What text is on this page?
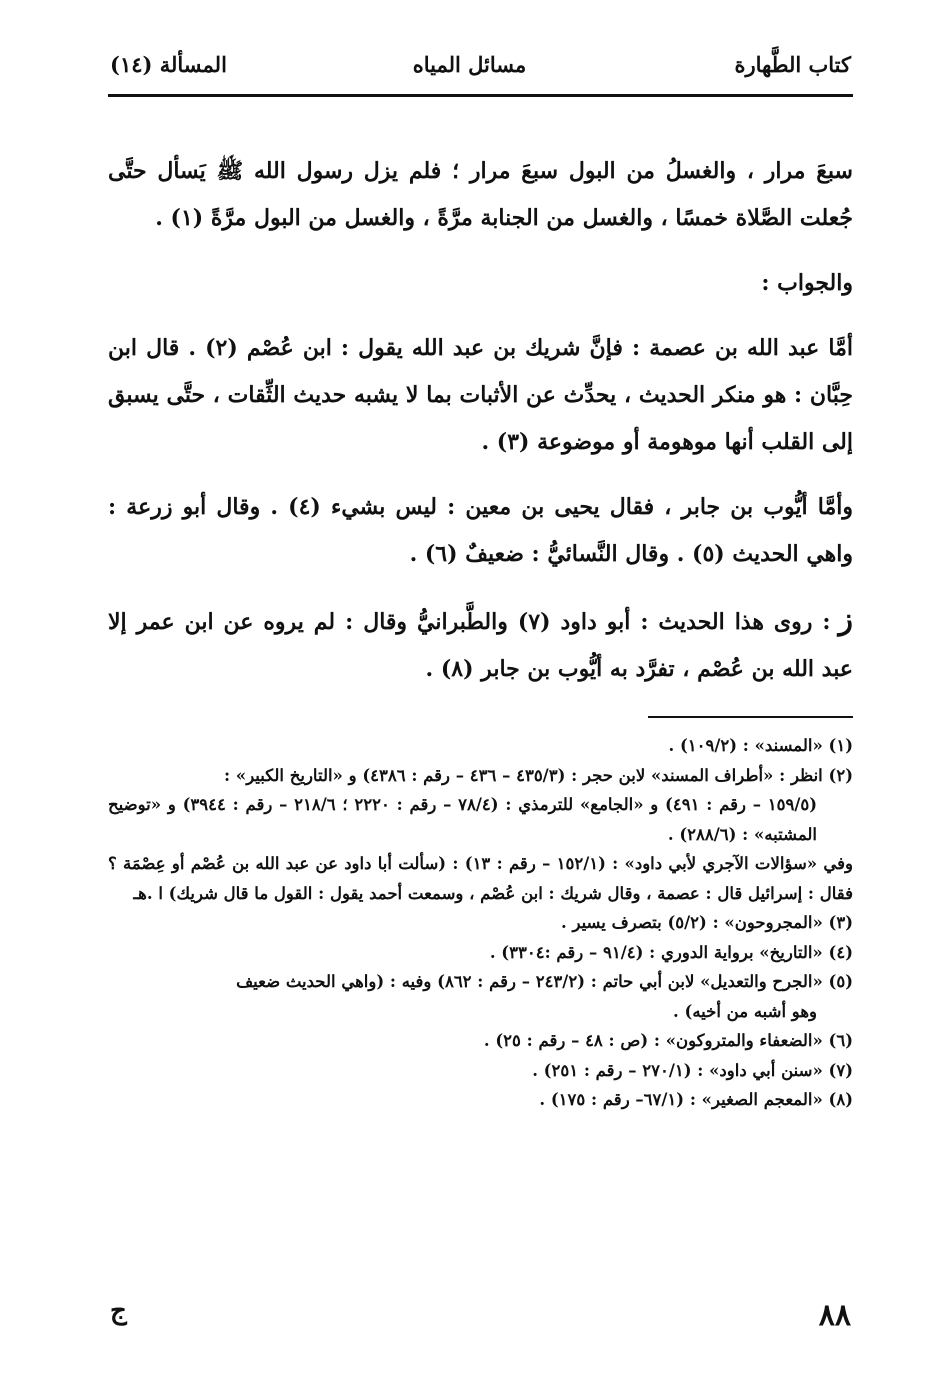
كتاب الطَّهارة
مسائل المياه
المسألة (١٤)

سبعَ مرار ، والغسلُ من البول سبعَ مرار ؛ فلم يزل رسول الله ﷺ يَسأل حتَّى جُعلت الصَّلاة خمسًا ، والغسل من الجنابة مرَّةً ، والغسل من البول مرَّةً (١) .

والجواب :

أمَّا عبد الله بن عصمة : فإنَّ شريك بن عبد الله يقول : ابن عُصْم (٢) . قال ابن حِبَّان : هو منكر الحديث ، يحدِّث عن الأثبات بما لا يشبه حديث الثِّقات ، حتَّى يسبق إلى القلب أنها موهومة أو موضوعة (٣) .

وأمَّا أيُّوب بن جابر ، فقال يحيى بن معين : ليس بشيء (٤) . وقال أبو زرعة : واهي الحديث (٥) . وقال النَّسائيُّ : ضعيفٌ (٦) .

ز: روى هذا الحديث : أبو داود (٧) والطَّبرانيُّ وقال : لم يروه عن ابن عمر إلا عبد الله بن عُصْم ، تفرَّد به أيُّوب بن جابر (٨) .

(١) «المسند» : (١٠٩/٢) .

(٢) انظر : «أطراف المسند» لابن حجر : (٤٣٥/٣ – ٤٣٦ – رقم : ٤٣٨٦) و «التاريخ الكبير» :

(١٥٩/٥ – رقم : ٤٩١) و «الجامع» للترمذي : (٧٨/٤ – رقم : ٢٢٢٠ ؛ ٢١٨/٦ – رقم : ٣٩٤٤) و «توضيح المشتبه» : (٢٨٨/٦) .

وفي «سؤالات الآجري لأبي داود» : (١٥٢/١ – رقم : ١٣) : (سألت أبا داود عن عبد الله بن عُصْم أو عِصْمَة ؟ فقال : إسرائيل قال : عصمة ، وقال شريك : ابن عُصْم ، وسمعت أحمد يقول : القول ما قال شريك) ا .هـ

(٣) «المجروحون» : (٥/٢) بتصرف يسير .

(٤) «التاريخ» برواية الدوري : (٩١/٤ – رقم :٣٣٠٤) .

(٥) «الجرح والتعديل» لابن أبي حاتم : (٢٤٣/٢ – رقم : ٨٦٢) وفيه : (واهي الحديث ضعيف

وهو أشبه من أخيه) .

(٦) «الضعفاء والمتروكون» : (ص : ٤٨ – رقم : ٢٥) .

(٧) «سنن أبي داود» : (٢٧٠/١ – رقم : ٢٥١) .

(٨) «المعجم الصغير» : (٦٧/١– رقم : ١٧٥) .

٨٨
ج
